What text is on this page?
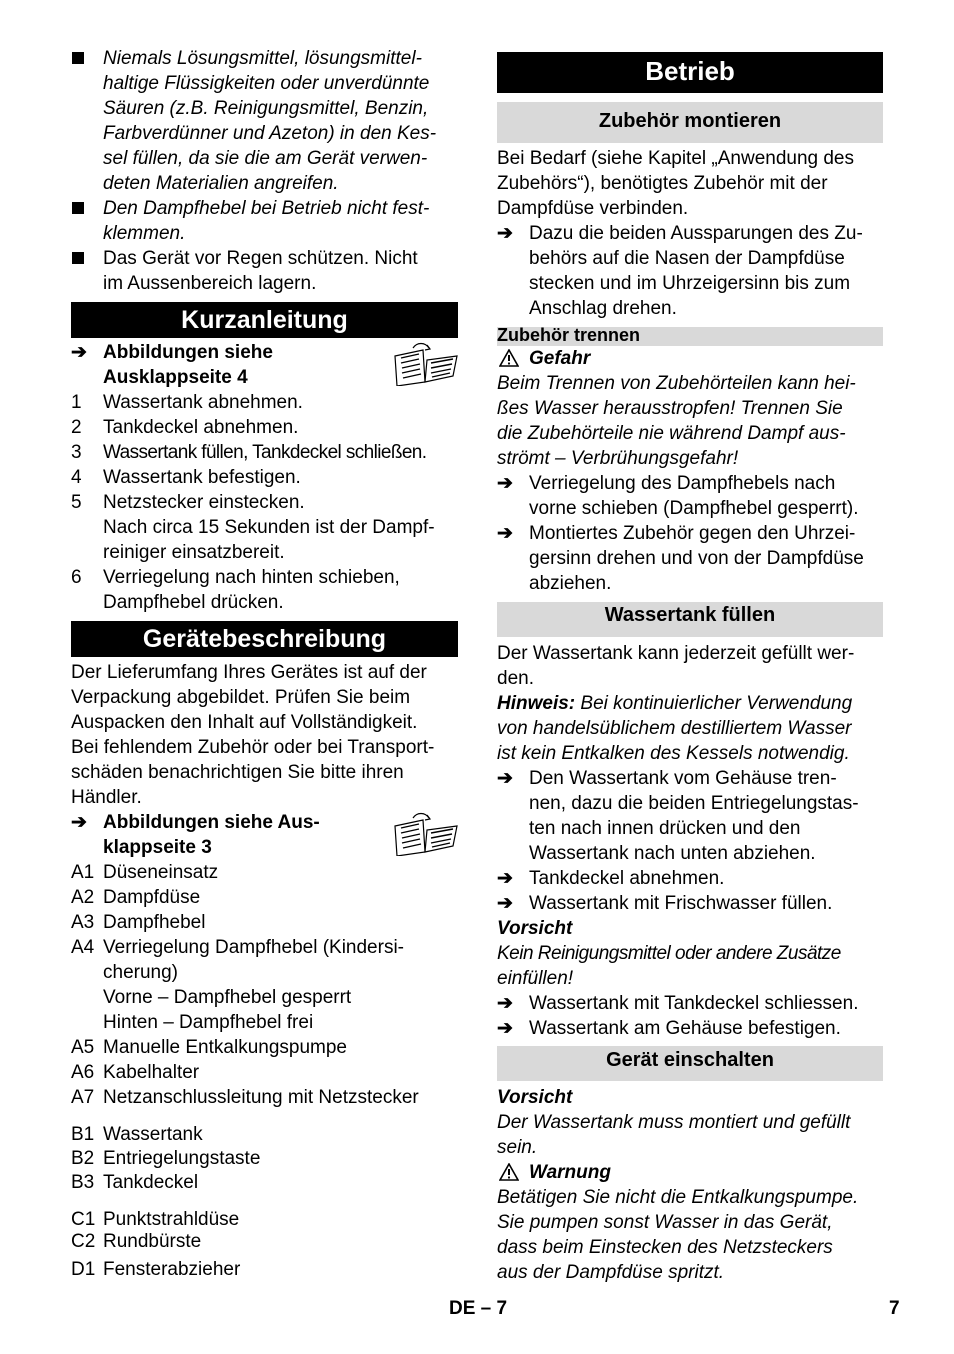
Niemals Lösungsmittel, lösungsmittel-
haltige Flüssigkeiten oder unverdünnte
Säuren (z.B. Reinigungsmittel, Benzin,
Farbverdünner und Azeton) in den Kes-
sel füllen, da sie die am Gerät verwen-
deten Materialien angreifen.
Den Dampfhebel bei Betrieb nicht fest-
klemmen.
Das Gerät vor Regen schützen. Nicht
im Aussenbereich lagern.
Kurzanleitung
➔ Abbildungen siehe
Ausklappseite 4
1 Wassertank abnehmen.
2 Tankdeckel abnehmen.
3 Wassertank füllen, Tankdeckel schließen.
4 Wassertank befestigen.
5 Netzstecker einstecken.
Nach circa 15 Sekunden ist der Dampf-
reiniger einsatzbereit.
6 Verriegelung nach hinten schieben,
Dampfhebel drücken.
Gerätebeschreibung
Der Lieferumfang Ihres Gerätes ist auf der
Verpackung abgebildet. Prüfen Sie beim
Auspacken den Inhalt auf Vollständigkeit.
Bei fehlendem Zubehör oder bei Transport-
schäden benachrichtigen Sie bitte ihren
Händler.
➔ Abbildungen siehe Aus-
klappseite 3
A1 Düseneinsatz
A2 Dampfdüse
A3 Dampfhebel
A4 Verriegelung Dampfhebel (Kindersi-
cherung)
Vorne – Dampfhebel gesperrt
Hinten – Dampfhebel frei
A5 Manuelle Entkalkungspumpe
A6 Kabelhalter
A7 Netzanschlussleitung mit Netzstecker
B1 Wassertank
B2 Entriegelungstaste
B3 Tankdeckel
C1 Punktstrahldüse
C2 Rundbürste
D1 Fensterabzieher
Betrieb
Zubehör montieren
Bei Bedarf (siehe Kapitel „Anwendung des
Zubehörs“), benötigtes Zubehör mit der
Dampfdüse verbinden.
➔ Dazu die beiden Aussparungen des Zu-
behörs auf die Nasen der Dampfdüse
stecken und im Uhrzeigersinn bis zum
Anschlag drehen.
Zubehör trennen
Gefahr
Beim Trennen von Zubehörteilen kann hei-
ßes Wasser herausstropfen! Trennen Sie
die Zubehörteile nie während Dampf aus-
strömt – Verbrühungsgefahr!
➔ Verriegelung des Dampfhebels nach
vorne schieben (Dampfhebel gesperrt).
➔ Montiertes Zubehör gegen den Uhrzei-
gersinn drehen und von der Dampfdüse
abziehen.
Wassertank füllen
Der Wassertank kann jederzeit gefüllt wer-
den.
Hinweis: Bei kontinuierlicher Verwendung
von handelsüblichem destilliertem Wasser
ist kein Entkalken des Kessels notwendig.
➔ Den Wassertank vom Gehäuse tren-
nen, dazu die beiden Entriegelungstas-
ten nach innen drücken und den
Wassertank nach unten abziehen.
➔ Tankdeckel abnehmen.
➔ Wassertank mit Frischwasser füllen.
Vorsicht
Kein Reinigungsmittel oder andere Zusätze
einfüllen!
➔ Wassertank mit Tankdeckel schliessen.
➔ Wassertank am Gehäuse befestigen.
Gerät einschalten
Vorsicht
Der Wassertank muss montiert und gefüllt
sein.
Warnung
Betätigen Sie nicht die Entkalkungspumpe.
Sie pumpen sonst Wasser in das Gerät,
dass beim Einstecken des Netzsteckers
aus der Dampfdüse spritzt.
DE – 7	7
